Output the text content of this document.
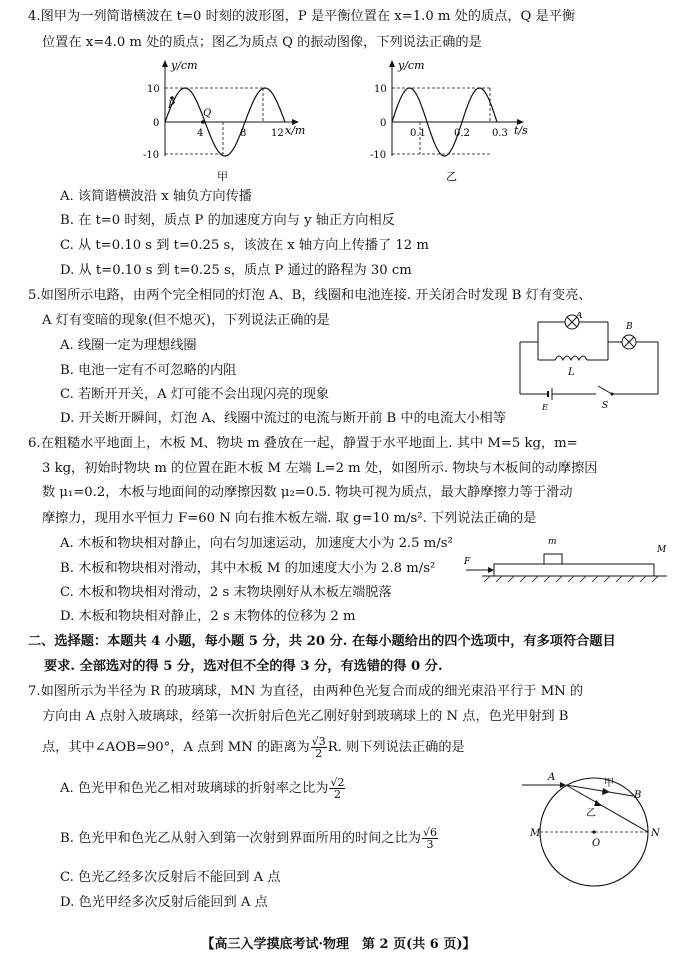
4.图甲为一列简谐横波在 t=0 时刻的波形图，P 是平衡位置在 x=1.0 m 处的质点，Q 是平衡
位置在 x=4.0 m 处的质点；图乙为质点 Q 的振动图像，下列说法正确的是
y/cm
x/m
10
0
-10
4	8 12
P
Q
甲
y/cm
t/s
10
0
-10
0.1	0.2 0.3
乙
A. 该简谐横波沿 x 轴负方向传播
B. 在 t=0 时刻，质点 P 的加速度方向与 y 轴正方向相反
C. 从 t=0.10 s 到 t=0.25 s，该波在 x 轴方向上传播了 12 m
D. 从 t=0.10 s 到 t=0.25 s，质点 P 通过的路程为 30 cm
5.如图所示电路，由两个完全相同的灯泡 A、B，线圈和电池连接. 开关闭合时发现 B 灯有变亮、
A 灯有变暗的现象(但不熄灭)，下列说法正确的是
A. 线圈一定为理想线圈
B. 电池一定有不可忽略的内阻
C. 若断开开关，A 灯可能不会出现闪亮的现象
D. 开关断开瞬间，灯泡 A、线圈中流过的电流与断开前 B 中的电流大小相等
A
L
B
S
E
6.在粗糙水平地面上，木板 M、物块 m 叠放在一起，静置于水平地面上. 其中 M=5 kg，m=
3 kg，初始时物块 m 的位置在距木板 M 左端 L=2 m 处，如图所示. 物块与木板间的动摩擦因
数 μ₁=0.2，木板与地面间的动摩擦因数 μ₂=0.5. 物块可视为质点，最大静摩擦力等于滑动
摩擦力，现用水平恒力 F=60 N 向右推木板左端. 取 g=10 m/s². 下列说法正确的是
A. 木板和物块相对静止，向右匀加速运动，加速度大小为 2.5 m/s²
B. 木板和物块相对滑动，其中木板 M 的加速度大小为 2.8 m/s²
C. 木板和物块相对滑动，2 s 末物块刚好从木板左端脱落
D. 木板和物块相对静止，2 s 末物体的位移为 2 m
m
M
F
二、选择题：本题共 4 小题，每小题 5 分，共 20 分. 在每小题给出的四个选项中，有多项符合题目
要求. 全部选对的得 5 分，选对但不全的得 3 分，有选错的得 0 分.
7.如图所示为半径为 R 的玻璃球，MN 为直径，由两种色光复合而成的细光束沿平行于 MN 的
方向由 A 点射入玻璃球，经第一次折射后色光乙刚好射到玻璃球上的 N 点，色光甲射到 B
点，其中∠AOB=90°，A 点到 MN 的距离为 $\frac{√3}{2} R$. 则下列说法正确的是
A. 色光甲和色光乙相对玻璃球的折射率之比为 $\frac{√2}{2}$
B. 色光甲和色光乙从射入到第一次射到界面所用的时间之比为 $\frac{√6}{3}$
C. 色光乙经多次反射后不能回到 A 点
D. 色光甲经多次反射后能回到 A 点
O
A
甲
B
乙
M	N
【高三入学摸底考试·物理　第 2 页(共 6 页)】
